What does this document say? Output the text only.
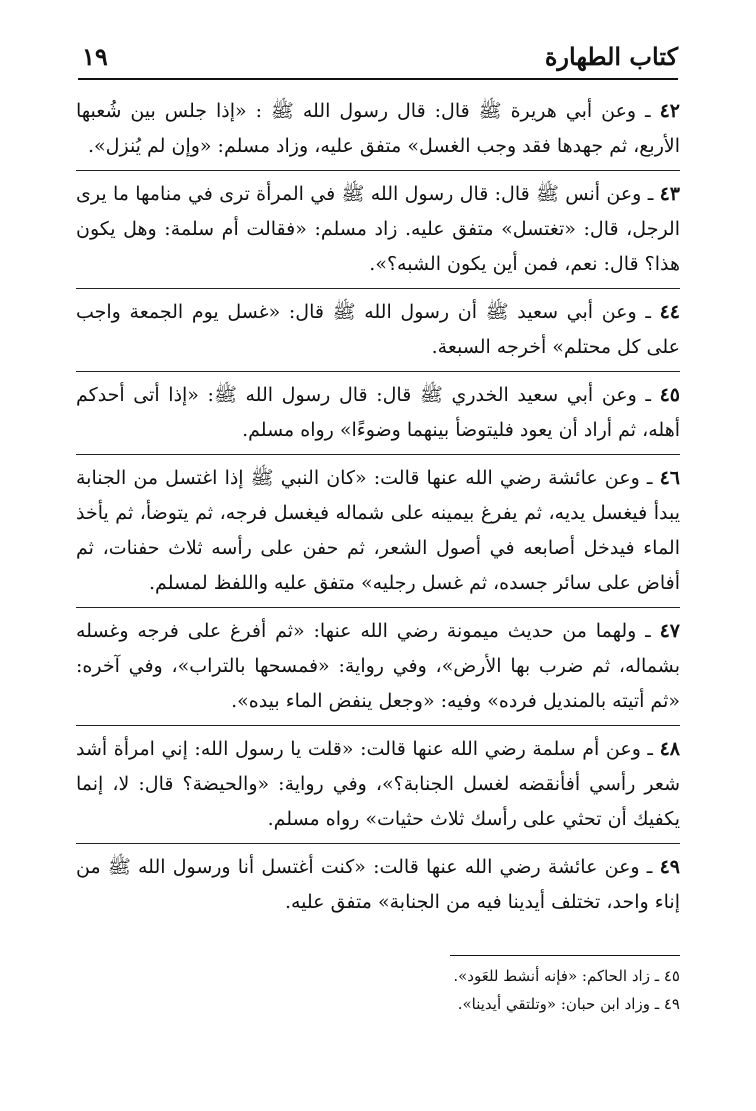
كتاب الطهارة
١٩

٤٢ ـ وعن أبي هريرة ﷺ قال: قال رسول الله ﷺ : «إذا جلس بين شُعبها الأربع، ثم جهدها فقد وجب الغسل» متفق عليه، وزاد مسلم: «وإن لم يُنزل».

٤٣ ـ وعن أنس ﷺ قال: قال رسول الله ﷺ في المرأة ترى في منامها ما يرى الرجل، قال: «تغتسل» متفق عليه. زاد مسلم: «فقالت أم سلمة: وهل يكون هذا؟ قال: نعم، فمن أين يكون الشبه؟».

٤٤ ـ وعن أبي سعيد ﷺ أن رسول الله ﷺ قال: «غسل يوم الجمعة واجب على كل محتلم» أخرجه السبعة.

٤٥ ـ وعن أبي سعيد الخدري ﷺ قال: قال رسول الله ﷺ: «إذا أتى أحدكم أهله، ثم أراد أن يعود فليتوضأ بينهما وضوءًا» رواه مسلم.

٤٦ ـ وعن عائشة رضي الله عنها قالت: «كان النبي ﷺ إذا اغتسل من الجنابة يبدأ فيغسل يديه، ثم يفرغ بيمينه على شماله فيغسل فرجه، ثم يتوضأ، ثم يأخذ الماء فيدخل أصابعه في أصول الشعر، ثم حفن على رأسه ثلاث حفنات، ثم أفاض على سائر جسده، ثم غسل رجليه» متفق عليه واللفظ لمسلم.

٤٧ ـ ولهما من حديث ميمونة رضي الله عنها: «ثم أفرغ على فرجه وغسله بشماله، ثم ضرب بها الأرض»، وفي رواية: «فمسحها بالتراب»، وفي آخره: «ثم أتيته بالمنديل فرده» وفيه: «وجعل ينفض الماء بيده».

٤٨ ـ وعن أم سلمة رضي الله عنها قالت: «قلت يا رسول الله: إني امرأة أشد شعر رأسي أفأنقضه لغسل الجنابة؟»، وفي رواية: «والحيضة؟ قال: لا، إنما يكفيك أن تحثي على رأسك ثلاث حثيات» رواه مسلم.

٤٩ ـ وعن عائشة رضي الله عنها قالت: «كنت أغتسل أنا ورسول الله ﷺ من إناء واحد، تختلف أيدينا فيه من الجنابة» متفق عليه.

٤٥ ـ زاد الحاكم: «فإنه أنشط للعَود».

٤٩ ـ وزاد ابن حبان: «وتلتقي أيدينا».
